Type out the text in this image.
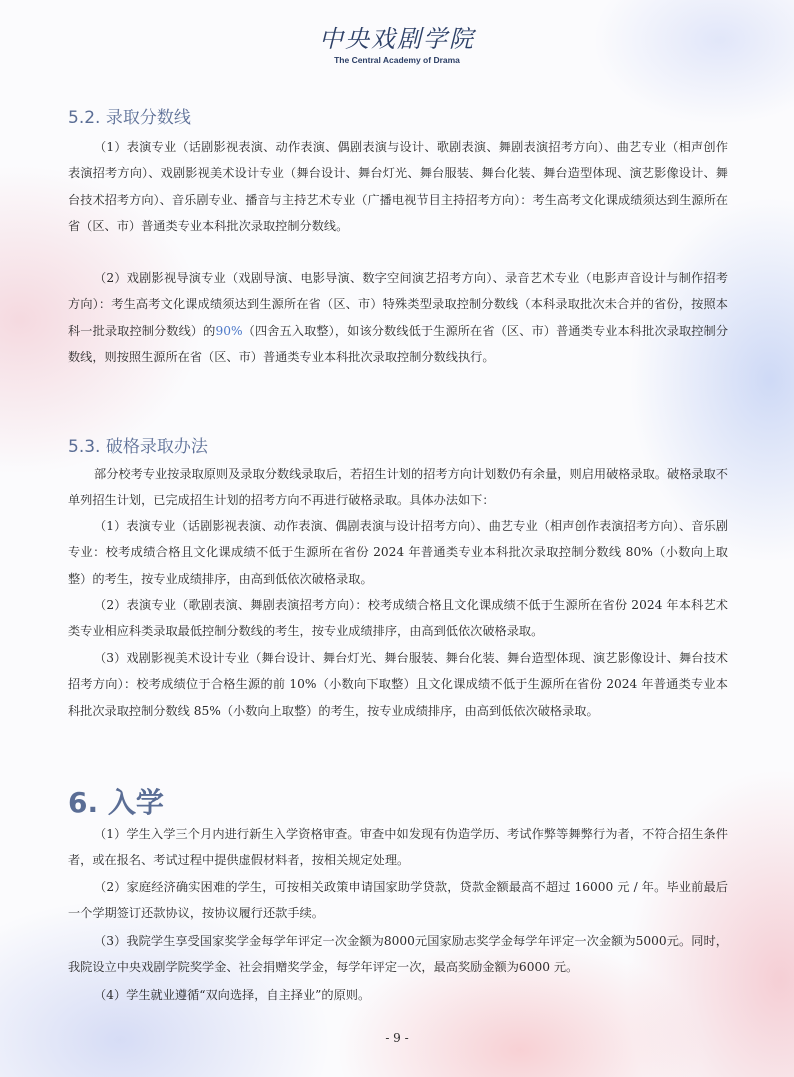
中央戏剧学院
The Central Academy of Drama
5.2. 录取分数线

（1）表演专业（话剧影视表演、动作表演、偶剧表演与设计、歌剧表演、舞剧表演招考方向）、曲艺专业（相声创作表演招考方向）、戏剧影视美术设计专业（舞台设计、舞台灯光、舞台服装、舞台化装、舞台造型体现、演艺影像设计、舞台技术招考方向）、音乐剧专业、播音与主持艺术专业（广播电视节目主持招考方向）：考生高考文化课成绩须达到生源所在省（区、市）普通类专业本科批次录取控制分数线。

（2）戏剧影视导演专业（戏剧导演、电影导演、数字空间演艺招考方向）、录音艺术专业（电影声音设计与制作招考方向）：考生高考文化课成绩须达到生源所在省（区、市）特殊类型录取控制分数线（本科录取批次未合并的省份，按照本科一批录取控制分数线）的90%（四舍五入取整），如该分数线低于生源所在省（区、市）普通类专业本科批次录取控制分数线，则按照生源所在省（区、市）普通类专业本科批次录取控制分数线执行。

5.3. 破格录取办法

部分校考专业按录取原则及录取分数线录取后，若招生计划的招考方向计划数仍有余量，则启用破格录取。破格录取不单列招生计划，已完成招生计划的招考方向不再进行破格录取。具体办法如下：

（1）表演专业（话剧影视表演、动作表演、偶剧表演与设计招考方向）、曲艺专业（相声创作表演招考方向）、音乐剧专业：校考成绩合格且文化课成绩不低于生源所在省份 2024 年普通类专业本科批次录取控制分数线 80%（小数向上取整）的考生，按专业成绩排序，由高到低依次破格录取。

（2）表演专业（歌剧表演、舞剧表演招考方向）：校考成绩合格且文化课成绩不低于生源所在省份 2024 年本科艺术类专业相应科类录取最低控制分数线的考生，按专业成绩排序，由高到低依次破格录取。

（3）戏剧影视美术设计专业（舞台设计、舞台灯光、舞台服装、舞台化装、舞台造型体现、演艺影像设计、舞台技术招考方向）：校考成绩位于合格生源的前 10%（小数向下取整）且文化课成绩不低于生源所在省份 2024 年普通类专业本科批次录取控制分数线 85%（小数向上取整）的考生，按专业成绩排序，由高到低依次破格录取。

6. 入学

（1）学生入学三个月内进行新生入学资格审查。审查中如发现有伪造学历、考试作弊等舞弊行为者，不符合招生条件者，或在报名、考试过程中提供虚假材料者，按相关规定处理。

（2）家庭经济确实困难的学生，可按相关政策申请国家助学贷款，贷款金额最高不超过 16000 元 / 年。毕业前最后一个学期签订还款协议，按协议履行还款手续。

（3）我院学生享受国家奖学金每学年评定一次金额为8000元国家励志奖学金每学年评定一次金额为5000元。同时，我院设立中央戏剧学院奖学金、社会捐赠奖学金，每学年评定一次，最高奖励金额为6000 元。

（4）学生就业遵循“双向选择，自主择业”的原则。

- 9 -
